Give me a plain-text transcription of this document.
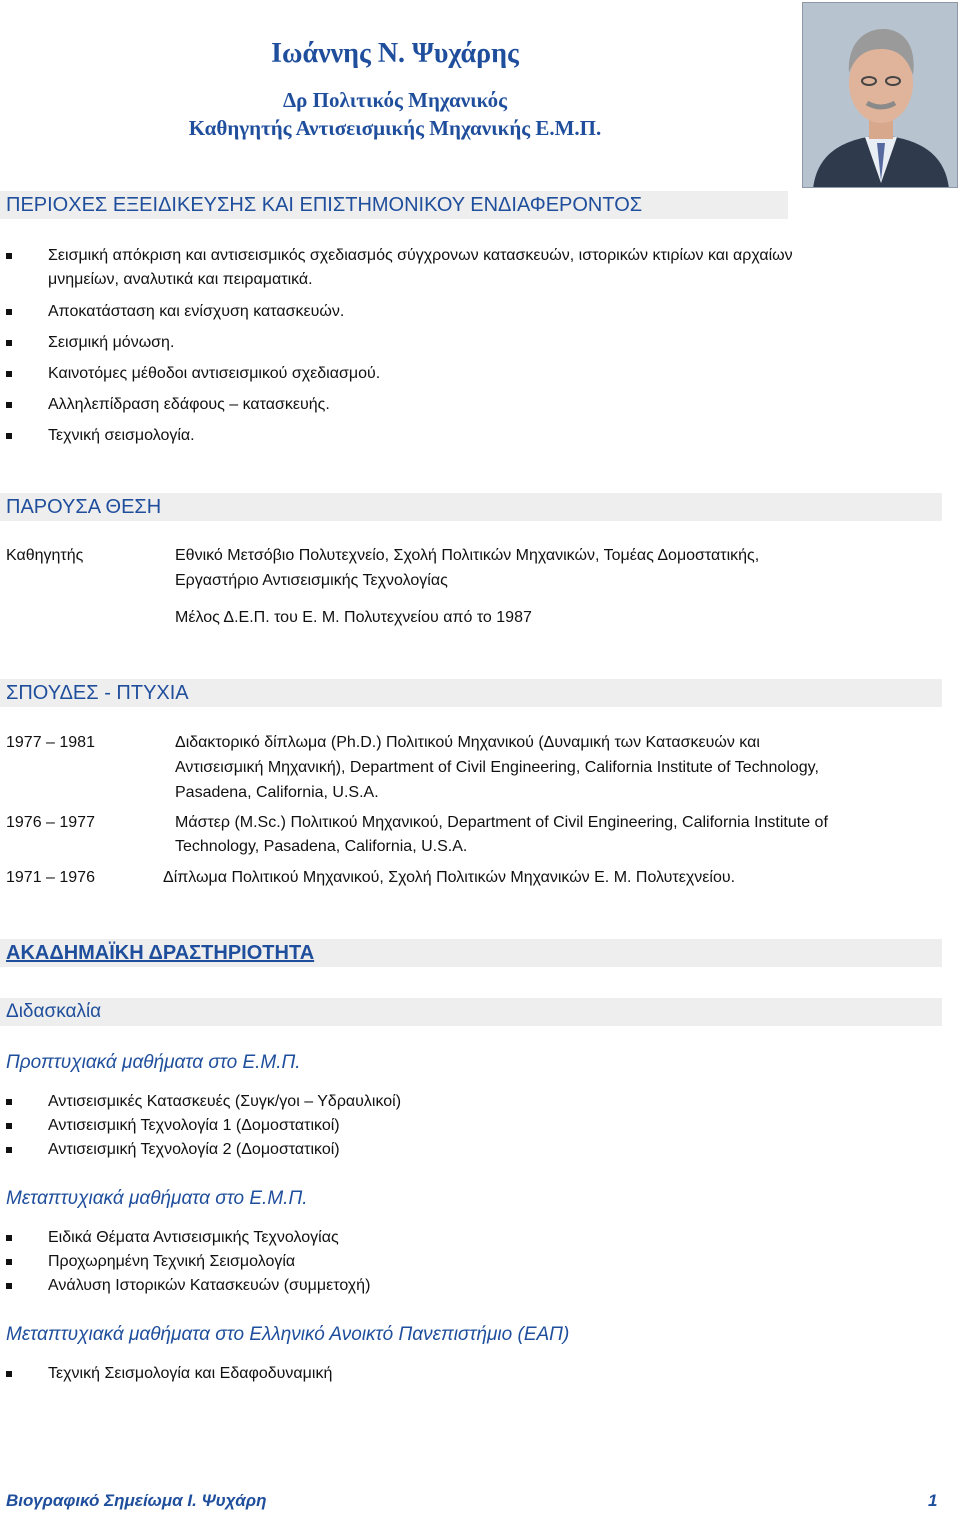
Ιωάννης Ν. Ψυχάρης
Δρ Πολιτικός Μηχανικός
Καθηγητής Αντισεισμικής Μηχανικής Ε.Μ.Π.
ΠΕΡΙΟΧΕΣ ΕΞΕΙΔΙΚΕΥΣΗΣ ΚΑΙ ΕΠΙΣΤΗΜΟΝΙΚΟΥ ΕΝΔΙΑΦΕΡΟΝΤΟΣ
Σεισμική απόκριση και αντισεισμικός σχεδιασμός σύγχρονων κατασκευών, ιστορικών κτιρίων και αρχαίων
μνημείων, αναλυτικά και πειραματικά.
Αποκατάσταση και ενίσχυση κατασκευών.
Σεισμική μόνωση.
Καινοτόμες μέθοδοι αντισεισμικού σχεδιασμού.
Αλληλεπίδραση εδάφους – κατασκευής.
Τεχνική σεισμολογία.
ΠΑΡΟΥΣΑ ΘΕΣΗ
Καθηγητής	Εθνικό Μετσόβιο Πολυτεχνείο, Σχολή Πολιτικών Μηχανικών, Τομέας Δομοστατικής,
Εργαστήριο Αντισεισμικής Τεχνολογίας
Μέλος Δ.Ε.Π. του Ε. Μ. Πολυτεχνείου από το 1987
ΣΠΟΥΔΕΣ - ΠΤΥΧΙΑ
1977 – 1981	Διδακτορικό δίπλωμα (Ph.D.) Πολιτικού Μηχανικού (Δυναμική των Κατασκευών και
Αντισεισμική Μηχανική), Department of Civil Engineering, California Institute of Technology,
Pasadena, California, U.S.A.
1976 – 1977	Μάστερ (M.Sc.) Πολιτικού Μηχανικού, Department of Civil Engineering, California Institute of
Technology, Pasadena, California, U.S.A.
1971 – 1976	Δίπλωμα Πολιτικού Μηχανικού, Σχολή Πολιτικών Μηχανικών Ε. Μ. Πολυτεχνείου.
ΑΚΑΔΗΜΑΪΚΗ ΔΡΑΣΤΗΡΙΟΤΗΤΑ
Διδασκαλία
Προπτυχιακά μαθήματα στο Ε.Μ.Π.
Αντισεισμικές Κατασκευές (Συγκ/γοι – Υδραυλικοί)
Αντισεισμική Τεχνολογία 1 (Δομοστατικοί)
Αντισεισμική Τεχνολογία 2 (Δομοστατικοί)
Μεταπτυχιακά μαθήματα στο Ε.Μ.Π.
Ειδικά Θέματα Αντισεισμικής Τεχνολογίας
Προχωρημένη Τεχνική Σεισμολογία
Ανάλυση Ιστορικών Κατασκευών (συμμετοχή)
Μεταπτυχιακά μαθήματα στο Ελληνικό Ανοικτό Πανεπιστήμιο (ΕΑΠ)
Τεχνική Σεισμολογία και Εδαφοδυναμική
Βιογραφικό Σημείωμα Ι. Ψυχάρη	1
